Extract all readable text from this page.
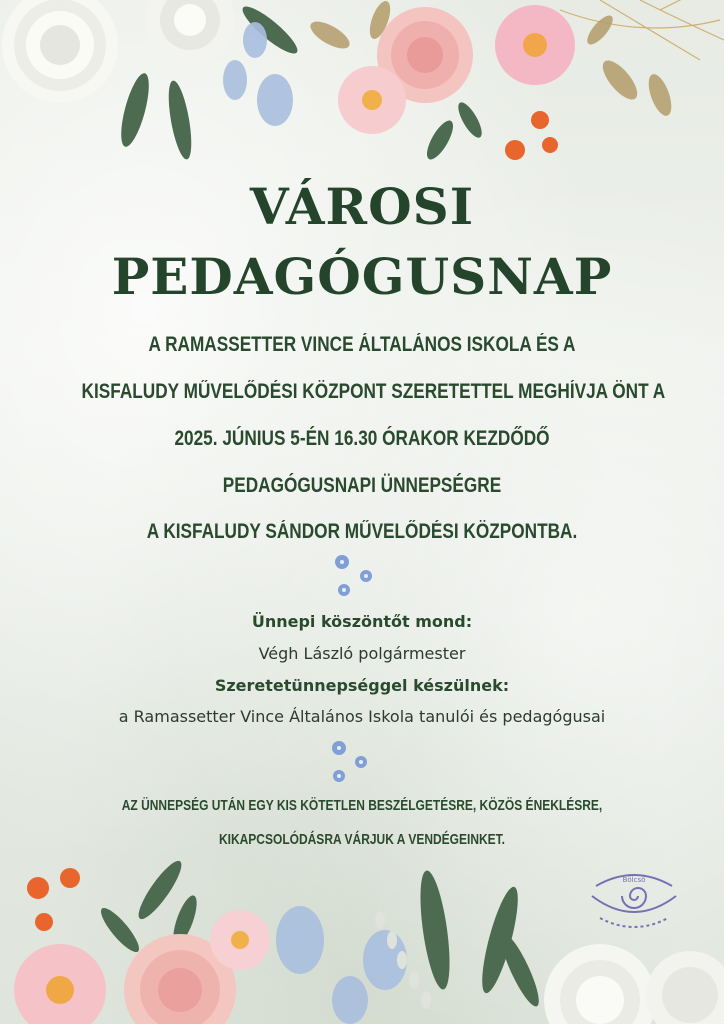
VÁROSI
PEDAGÓGUSNAP
A RAMASSETTER VINCE ÁLTALÁNOS ISKOLA ÉS A
KISFALUDY MŰVELŐDÉSI KÖZPONT SZERETETTEL MEGHÍVJA ÖNT A
2025. JÚNIUS 5-ÉN 16.30 ÓRAKOR KEZDŐDŐ
PEDAGÓGUSNAPI ÜNNEPSÉGRE
A KISFALUDY SÁNDOR MŰVELŐDÉSI KÖZPONTBA.
Ünnepi köszöntőt mond:
Végh László polgármester
Szeretetünnepséggel készülnek:
a Ramassetter Vince Általános Iskola tanulói és pedagógusai
AZ ÜNNEPSÉG UTÁN EGY KIS KÖTETLEN BESZÉLGETÉSRE, KÖZÖS ÉNEKLÉSRE,
KIKAPCSOLÓDÁSRA VÁRJUK A VENDÉGEINKET.
Bölcső
